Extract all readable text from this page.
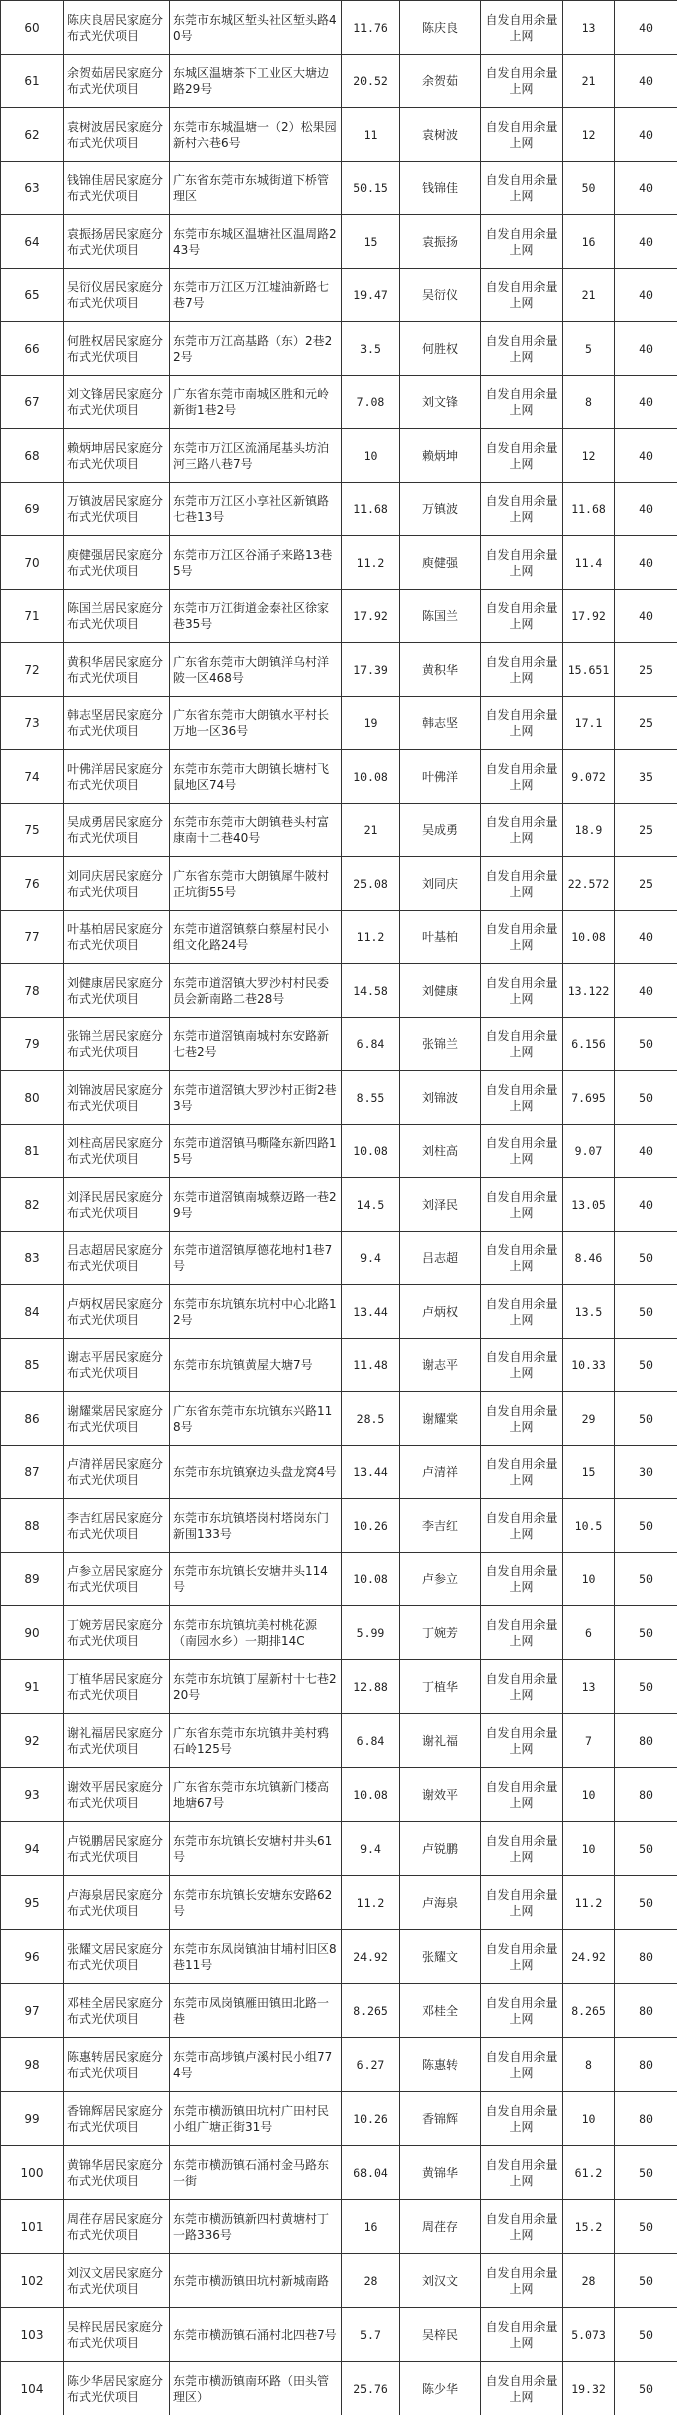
60	陈庆良居民家庭分布式光伏项目	东莞市东城区堑头社区堑头路40号	11.76	陈庆良	自发自用余量上网	13	40
61	余贺茹居民家庭分布式光伏项目	东城区温塘茶下工业区大塘边路29号	20.52	余贺茹	自发自用余量上网	21	40
62	袁树波居民家庭分布式光伏项目	东莞市东城温塘一（2）松果园新村六巷6号	11	袁树波	自发自用余量上网	12	40
63	钱锦佳居民家庭分布式光伏项目	广东省东莞市东城街道下桥管理区	50.15	钱锦佳	自发自用余量上网	50	40
64	袁振扬居民家庭分布式光伏项目	东莞市东城区温塘社区温周路243号	15	袁振扬	自发自用余量上网	16	40
65	吴衍仪居民家庭分布式光伏项目	东莞市万江区万江墟油新路七巷7号	19.47	吴衍仪	自发自用余量上网	21	40
66	何胜权居民家庭分布式光伏项目	东莞市万江高基路（东）2巷22号	3.5	何胜权	自发自用余量上网	5	40
67	刘文锋居民家庭分布式光伏项目	广东省东莞市南城区胜和元岭新街1巷2号	7.08	刘文锋	自发自用余量上网	8	40
68	赖炳坤居民家庭分布式光伏项目	东莞市万江区流涌尾基头坊泊河三路八巷7号	10	赖炳坤	自发自用余量上网	12	40
69	万镇波居民家庭分布式光伏项目	东莞市万江区小享社区新镇路七巷13号	11.68	万镇波	自发自用余量上网	11.68	40
70	庾健强居民家庭分布式光伏项目	东莞市万江区谷涌子来路13巷5号	11.2	庾健强	自发自用余量上网	11.4	40
71	陈国兰居民家庭分布式光伏项目	东莞市万江街道金泰社区徐家巷35号	17.92	陈国兰	自发自用余量上网	17.92	40
72	黄积华居民家庭分布式光伏项目	广东省东莞市大朗镇洋乌村洋陂一区468号	17.39	黄积华	自发自用余量上网	15.651	25
73	韩志坚居民家庭分布式光伏项目	广东省东莞市大朗镇水平村长万地一区36号	19	韩志坚	自发自用余量上网	17.1	25
74	叶佛洋居民家庭分布式光伏项目	东莞市东莞市大朗镇长塘村飞鼠地区74号	10.08	叶佛洋	自发自用余量上网	9.072	35
75	吴成勇居民家庭分布式光伏项目	东莞市东莞市大朗镇巷头村富康南十二巷40号	21	吴成勇	自发自用余量上网	18.9	25
76	刘同庆居民家庭分布式光伏项目	广东省东莞市大朗镇犀牛陂村正坑街55号	25.08	刘同庆	自发自用余量上网	22.572	25
77	叶基柏居民家庭分布式光伏项目	东莞市道滘镇蔡白蔡屋村民小组文化路24号	11.2	叶基柏	自发自用余量上网	10.08	40
78	刘健康居民家庭分布式光伏项目	东莞市道滘镇大罗沙村村民委员会新南路二巷28号	14.58	刘健康	自发自用余量上网	13.122	40
79	张锦兰居民家庭分布式光伏项目	东莞市道滘镇南城村东安路新七巷2号	6.84	张锦兰	自发自用余量上网	6.156	50
80	刘锦波居民家庭分布式光伏项目	东莞市道滘镇大罗沙村正街2巷3号	8.55	刘锦波	自发自用余量上网	7.695	50
81	刘柱高居民家庭分布式光伏项目	东莞市道滘镇马嘶隆东新四路15号	10.08	刘柱高	自发自用余量上网	9.07	40
82	刘泽民居民家庭分布式光伏项目	东莞市道滘镇南城蔡迈路一巷29号	14.5	刘泽民	自发自用余量上网	13.05	40
83	吕志超居民家庭分布式光伏项目	东莞市道滘镇厚德花地村1巷7号	9.4	吕志超	自发自用余量上网	8.46	50
84	卢炳权居民家庭分布式光伏项目	东莞市东坑镇东坑村中心北路12号	13.44	卢炳权	自发自用余量上网	13.5	50
85	谢志平居民家庭分布式光伏项目	东莞市东坑镇黄屋大塘7号	11.48	谢志平	自发自用余量上网	10.33	50
86	谢耀棠居民家庭分布式光伏项目	广东省东莞市东坑镇东兴路118号	28.5	谢耀棠	自发自用余量上网	29	50
87	卢清祥居民家庭分布式光伏项目	东莞市东坑镇寮边头盘龙窝4号	13.44	卢清祥	自发自用余量上网	15	30
88	李吉红居民家庭分布式光伏项目	东莞市东坑镇塔岗村塔岗东门新围133号	10.26	李吉红	自发自用余量上网	10.5	50
89	卢参立居民家庭分布式光伏项目	东莞市东坑镇长安塘井头114号	10.08	卢参立	自发自用余量上网	10	50
90	丁婉芳居民家庭分布式光伏项目	东莞市东坑镇坑美村桃花源（南园水乡）一期排14C	5.99	丁婉芳	自发自用余量上网	6	50
91	丁植华居民家庭分布式光伏项目	东莞市东坑镇丁屋新村十七巷220号	12.88	丁植华	自发自用余量上网	13	50
92	谢礼福居民家庭分布式光伏项目	广东省东莞市东坑镇井美村鸦石岭125号	6.84	谢礼福	自发自用余量上网	7	80
93	谢效平居民家庭分布式光伏项目	广东省东莞市东坑镇新门楼高地塘67号	10.08	谢效平	自发自用余量上网	10	80
94	卢锐鹏居民家庭分布式光伏项目	东莞市东坑镇长安塘村井头61号	9.4	卢锐鹏	自发自用余量上网	10	50
95	卢海泉居民家庭分布式光伏项目	东莞市东坑镇长安塘东安路62号	11.2	卢海泉	自发自用余量上网	11.2	50
96	张耀文居民家庭分布式光伏项目	东莞市东凤岗镇油甘埔村旧区8巷11号	24.92	张耀文	自发自用余量上网	24.92	80
97	邓桂全居民家庭分布式光伏项目	东莞市凤岗镇雁田镇田北路一巷	8.265	邓桂全	自发自用余量上网	8.265	80
98	陈惠转居民家庭分布式光伏项目	东莞市高埗镇卢溪村民小组774号	6.27	陈惠转	自发自用余量上网	8	80
99	香锦辉居民家庭分布式光伏项目	东莞市横沥镇田坑村广田村民小组广塘正街31号	10.26	香锦辉	自发自用余量上网	10	80
100	黄锦华居民家庭分布式光伏项目	东莞市横沥镇石涌村金马路东一街	68.04	黄锦华	自发自用余量上网	61.2	50
101	周荏存居民家庭分布式光伏项目	东莞市横沥镇新四村黄塘村丁一路336号	16	周荏存	自发自用余量上网	15.2	50
102	刘汉文居民家庭分布式光伏项目	东莞市横沥镇田坑村新城南路	28	刘汉文	自发自用余量上网	28	50
103	吴梓民居民家庭分布式光伏项目	东莞市横沥镇石涌村北四巷7号	5.7	吴梓民	自发自用余量上网	5.073	50
104	陈少华居民家庭分布式光伏项目	东莞市横沥镇南环路（田头管理区）	25.76	陈少华	自发自用余量上网	19.32	50
